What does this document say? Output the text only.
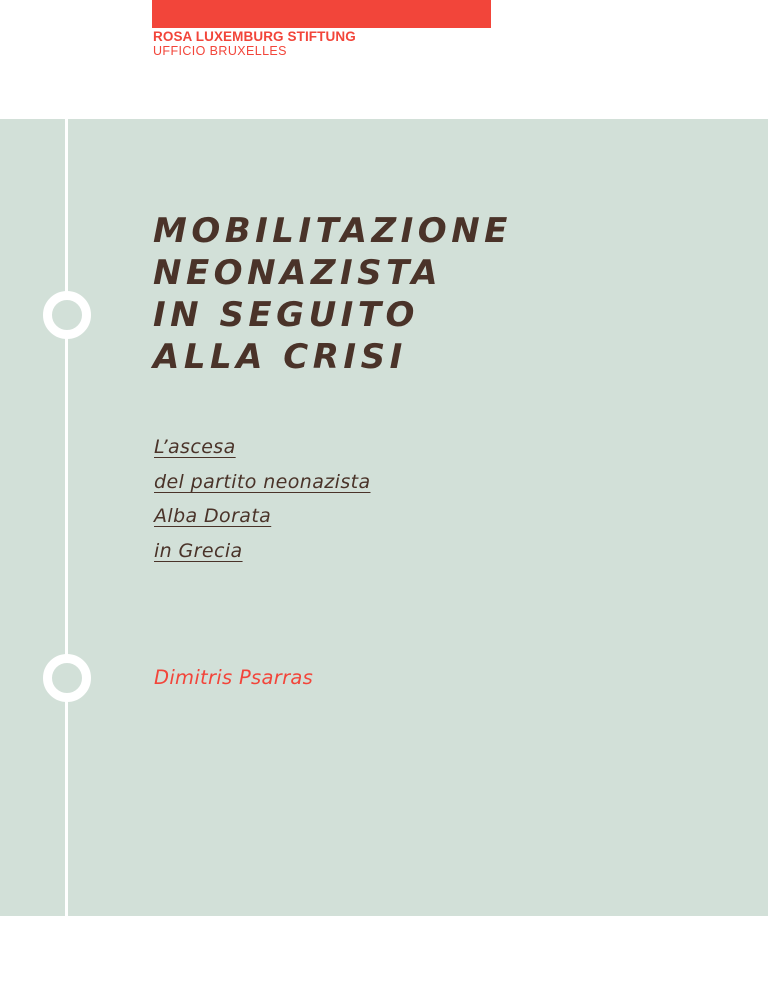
ROSA LUXEMBURG STIFTUNG
UFFICIO BRUXELLES
MOBILITAZIONE
NEONAZISTA
IN SEGUITO
ALLA CRISI
L’ascesa
del partito neonazista
Alba Dorata
in Grecia
Dimitris Psarras
